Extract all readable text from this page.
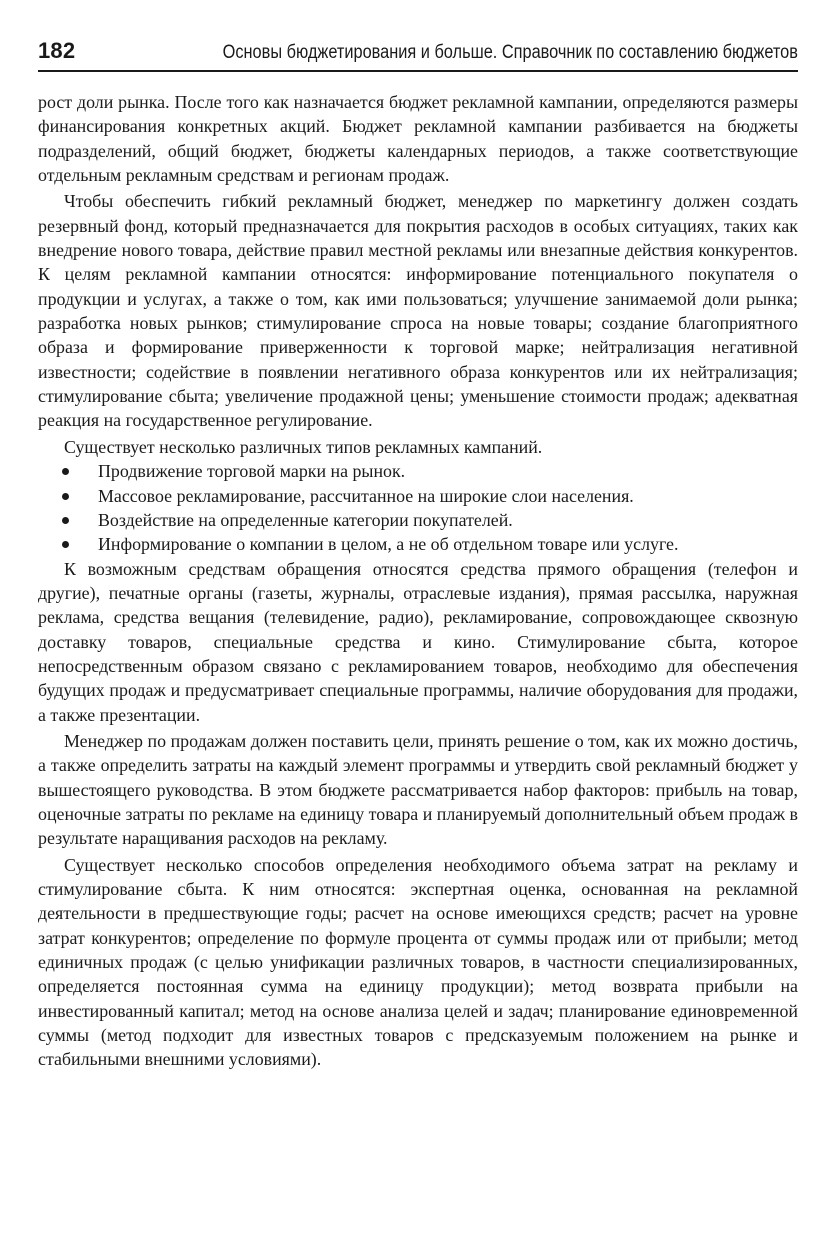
182	Основы бюджетирования и больше. Справочник по составлению бюджетов

рост доли рынка. После того как назначается бюджет рекламной кампании, определяются размеры финансирования конкретных акций. Бюджет рекламной кампании разбивается на бюджеты подразделений, общий бюджет, бюджеты календарных периодов, а также соответствующие отдельным рекламным средствам и регионам продаж.

Чтобы обеспечить гибкий рекламный бюджет, менеджер по маркетингу должен создать резервный фонд, который предназначается для покрытия расходов в особых ситуациях, таких как внедрение нового товара, действие правил местной рекламы или внезапные действия конкурентов. К целям рекламной кампании относятся: информирование потенциального покупателя о продукции и услугах, а также о том, как ими пользоваться; улучшение занимаемой доли рынка; разработка новых рынков; стимулирование спроса на новые товары; создание благоприятного образа и формирование приверженности к торговой марке; нейтрализация негативной известности; содействие в появлении негативного образа конкурентов или их нейтрализация; стимулирование сбыта; увеличение продажной цены; уменьшение стоимости продаж; адекватная реакция на государственное регулирование.

Существует несколько различных типов рекламных кампаний.

Продвижение торговой марки на рынок.
Массовое рекламирование, рассчитанное на широкие слои населения.
Воздействие на определенные категории покупателей.
Информирование о компании в целом, а не об отдельном товаре или услуге.

К возможным средствам обращения относятся средства прямого обращения (телефон и другие), печатные органы (газеты, журналы, отраслевые издания), прямая рассылка, наружная реклама, средства вещания (телевидение, радио), рекламирование, сопровождающее сквозную доставку товаров, специальные средства и кино. Стимулирование сбыта, которое непосредственным образом связано с рекламированием товаров, необходимо для обеспечения будущих продаж и предусматривает специальные программы, наличие оборудования для продажи, а также презентации.

Менеджер по продажам должен поставить цели, принять решение о том, как их можно достичь, а также определить затраты на каждый элемент программы и утвердить свой рекламный бюджет у вышестоящего руководства. В этом бюджете рассматривается набор факторов: прибыль на товар, оценочные затраты по рекламе на единицу товара и планируемый дополнительный объем продаж в результате наращивания расходов на рекламу.

Существует несколько способов определения необходимого объема затрат на рекламу и стимулирование сбыта. К ним относятся: экспертная оценка, основанная на рекламной деятельности в предшествующие годы; расчет на основе имеющихся средств; расчет на уровне затрат конкурентов; определение по формуле процента от суммы продаж или от прибыли; метод единичных продаж (с целью унификации различных товаров, в частности специализированных, определяется постоянная сумма на единицу продукции); метод возврата прибыли на инвестированный капитал; метод на основе анализа целей и задач; планирование единовременной суммы (метод подходит для известных товаров с предсказуемым положением на рынке и стабильными внешними условиями).
